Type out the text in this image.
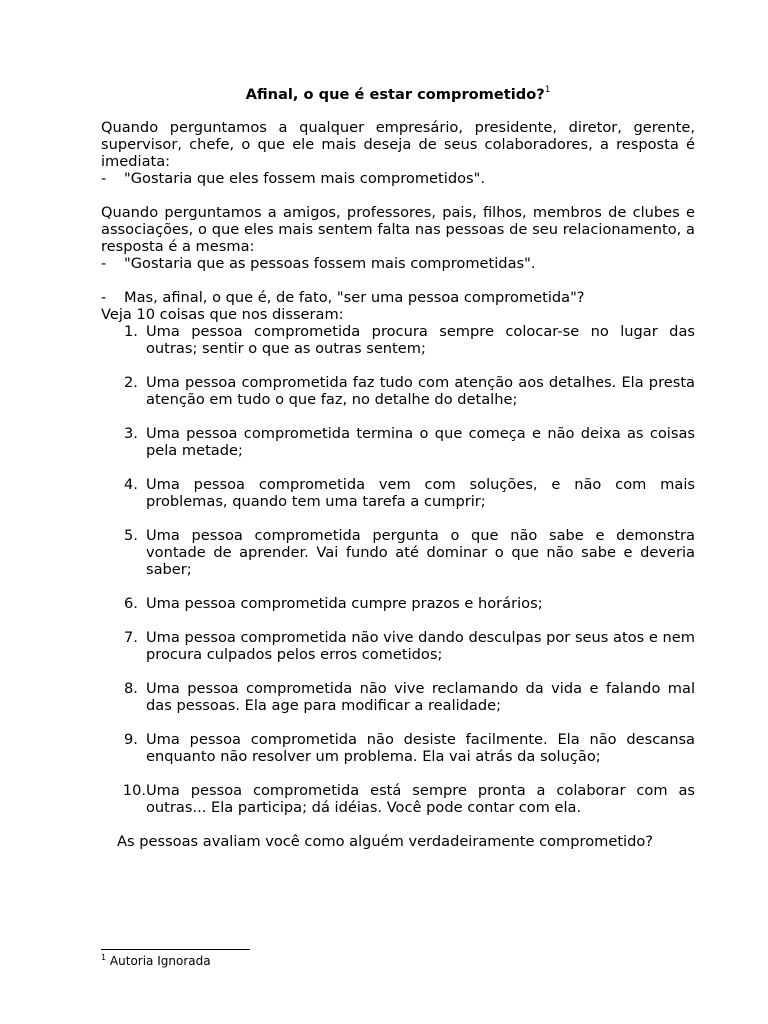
Afinal, o que é estar comprometido?$^1$

Quando perguntamos a qualquer empresário, presidente, diretor, gerente, supervisor, chefe, o que ele mais deseja de seus colaboradores, a resposta é imediata:

-	"Gostaria que eles fossem mais comprometidos".

Quando perguntamos a amigos, professores, pais, filhos, membros de clubes e associações, o que eles mais sentem falta nas pessoas de seu relacionamento, a resposta é a mesma:

-	"Gostaria que as pessoas fossem mais comprometidas".
-	Mas, afinal, o que é, de fato, "ser uma pessoa comprometida"?

Veja 10 coisas que nos disseram:

1. Uma pessoa comprometida procura sempre colocar-se no lugar das outras; sentir o que as outras sentem;
2. Uma pessoa comprometida faz tudo com atenção aos detalhes. Ela presta atenção em tudo o que faz, no detalhe do detalhe;
3. Uma pessoa comprometida termina o que começa e não deixa as coisas pela metade;
4. Uma pessoa comprometida vem com soluções, e não com mais problemas, quando tem uma tarefa a cumprir;
5. Uma pessoa comprometida pergunta o que não sabe e demonstra vontade de aprender. Vai fundo até dominar o que não sabe e deveria saber;
6. Uma pessoa comprometida cumpre prazos e horários;
7. Uma pessoa comprometida não vive dando desculpas por seus atos e nem procura culpados pelos erros cometidos;
8. Uma pessoa comprometida não vive reclamando da vida e falando mal das pessoas. Ela age para modificar a realidade;
9. Uma pessoa comprometida não desiste facilmente. Ela não descansa enquanto não resolver um problema. Ela vai atrás da solução;
10. Uma pessoa comprometida está sempre pronta a colaborar com as outras... Ela participa; dá idéias. Você pode contar com ela.

As pessoas avaliam você como alguém verdadeiramente comprometido?

$^1$ Autoria Ignorada
